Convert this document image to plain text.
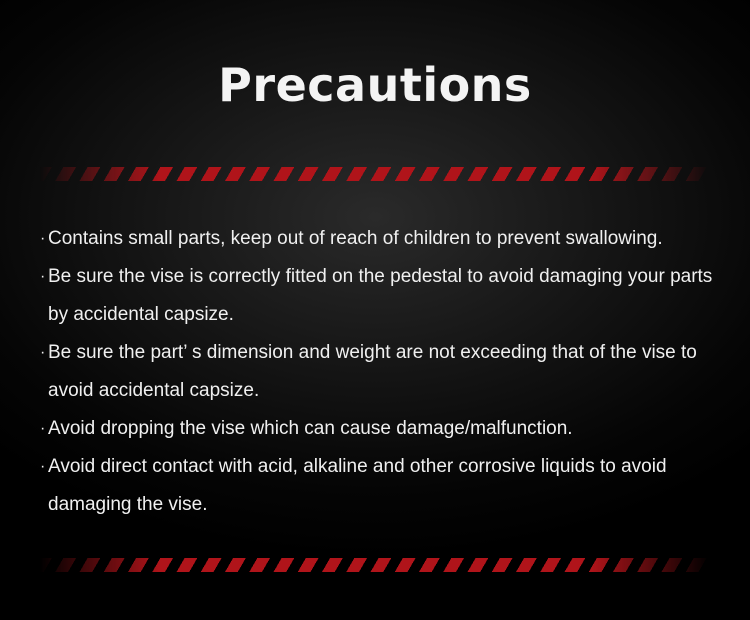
Precautions
· Contains small parts, keep out of reach of children to prevent swallowing.
· Be sure the vise is correctly fitted on the pedestal to avoid damaging your parts by accidental capsize.
· Be sure the part’ s dimension and weight are not exceeding that of the vise to avoid accidental capsize.
· Avoid dropping the vise which can cause damage/malfunction.
· Avoid direct contact with acid, alkaline and other corrosive liquids to avoid damaging the vise.
